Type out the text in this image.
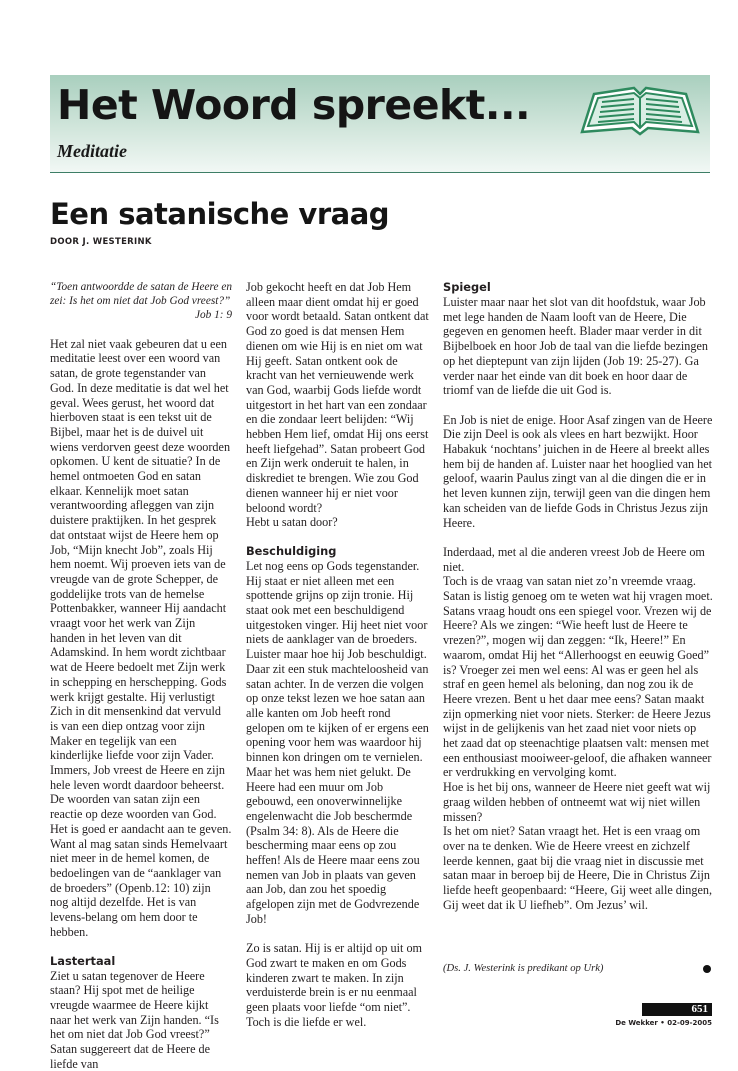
Het Woord spreekt...

Meditatie

Een satanische vraag
DOOR J. WESTERINK

“Toen antwoordde de satan de Heere en zei: Is het om niet dat Job God vreest?”

Job 1: 9

Het zal niet vaak gebeuren dat u een meditatie leest over een woord van satan, de grote tegenstander van God. In deze meditatie is dat wel het geval. Wees gerust, het woord dat hierboven staat is een tekst uit de Bijbel, maar het is de duivel uit wiens verdorven geest deze woorden opkomen. U kent de situatie? In de hemel ontmoeten God en satan elkaar. Kennelijk moet satan verantwoording afleggen van zijn duistere praktijken. In het gesprek dat ontstaat wijst de Heere hem op Job, “Mijn knecht Job”, zoals Hij hem noemt. Wij proeven iets van de vreugde van de grote Schepper, de goddelijke trots van de hemelse Pottenbakker, wanneer Hij aandacht vraagt voor het werk van Zijn handen in het leven van dit Adamskind. In hem wordt zichtbaar wat de Heere bedoelt met Zijn werk in schepping en herschepping. Gods werk krijgt gestalte. Hij verlustigt Zich in dit mensenkind dat vervuld is van een diep ontzag voor zijn Maker en tegelijk van een kinderlijke liefde voor zijn Vader. Immers, Job vreest de Heere en zijn hele leven wordt daardoor beheerst.

De woorden van satan zijn een reactie op deze woorden van God. Het is goed er aandacht aan te geven. Want al mag satan sinds Hemelvaart niet meer in de hemel komen, de bedoelingen van de “aanklager van de broeders” (Openb.12: 10) zijn nog altijd dezelfde. Het is van levens-belang om hem door te hebben.

Lastertaal

Ziet u satan tegenover de Heere staan? Hij spot met de heilige vreugde waarmee de Heere kijkt naar het werk van Zijn handen. “Is het om niet dat Job God vreest?” Satan suggereert dat de Heere de liefde van

Job gekocht heeft en dat Job Hem alleen maar dient omdat hij er goed voor wordt betaald. Satan ontkent dat God zo goed is dat mensen Hem dienen om wie Hij is en niet om wat Hij geeft. Satan ontkent ook de kracht van het vernieuwende werk van God, waarbij Gods liefde wordt uitgestort in het hart van een zondaar en die zondaar leert belijden: “Wij hebben Hem lief, omdat Hij ons eerst heeft liefgehad”. Satan probeert God en Zijn werk onderuit te halen, in diskrediet te brengen. Wie zou God dienen wanneer hij er niet voor beloond wordt?

Hebt u satan door?

Beschuldiging

Let nog eens op Gods tegenstander. Hij staat er niet alleen met een spottende grijns op zijn tronie. Hij staat ook met een beschuldigend uitgestoken vinger. Hij heet niet voor niets de aanklager van de broeders. Luister maar hoe hij Job beschuldigt. Daar zit een stuk machteloosheid van satan achter. In de verzen die volgen op onze tekst lezen we hoe satan aan alle kanten om Job heeft rond gelopen om te kijken of er ergens een opening voor hem was waardoor hij binnen kon dringen om te vernielen. Maar het was hem niet gelukt. De Heere had een muur om Job gebouwd, een onoverwinnelijke engelenwacht die Job beschermde (Psalm 34: 8). Als de Heere die bescherming maar eens op zou heffen! Als de Heere maar eens zou nemen van Job in plaats van geven aan Job, dan zou het spoedig afgelopen zijn met de Godvrezende Job!

Zo is satan. Hij is er altijd op uit om God zwart te maken en om Gods kinderen zwart te maken. In zijn verduisterde brein is er nu eenmaal geen plaats voor liefde “om niet”. Toch is die liefde er wel.

Spiegel

Luister maar naar het slot van dit hoofdstuk, waar Job met lege handen de Naam looft van de Heere, Die gegeven en genomen heeft. Blader maar verder in dit Bijbelboek en hoor Job de taal van die liefde bezingen op het dieptepunt van zijn lijden (Job 19: 25-27). Ga verder naar het einde van dit boek en hoor daar de triomf van de liefde die uit God is.

En Job is niet de enige. Hoor Asaf zingen van de Heere Die zijn Deel is ook als vlees en hart bezwijkt. Hoor Habakuk ‘nochtans’ juichen in de Heere al breekt alles hem bij de handen af. Luister naar het hooglied van het geloof, waarin Paulus zingt van al die dingen die er in het leven kunnen zijn, terwijl geen van die dingen hem kan scheiden van de liefde Gods in Christus Jezus zijn Heere.

Inderdaad, met al die anderen vreest Job de Heere om niet.

Toch is de vraag van satan niet zo’n vreemde vraag. Satan is listig genoeg om te weten wat hij vragen moet. Satans vraag houdt ons een spiegel voor. Vrezen wij de Heere? Als we zingen: “Wie heeft lust de Heere te vrezen?”, mogen wij dan zeggen: “Ik, Heere!” En waarom, omdat Hij het “Allerhoogst en eeuwig Goed” is? Vroeger zei men wel eens: Al was er geen hel als straf en geen hemel als beloning, dan nog zou ik de Heere vrezen. Bent u het daar mee eens? Satan maakt zijn opmerking niet voor niets. Sterker: de Heere Jezus wijst in de gelijkenis van het zaad niet voor niets op het zaad dat op steenachtige plaatsen valt: mensen met een enthousiast mooiweer-geloof, die afhaken wanneer er verdrukking en vervolging komt.

Hoe is het bij ons, wanneer de Heere niet geeft wat wij graag wilden hebben of ontneemt wat wij niet willen missen?

Is het om niet? Satan vraagt het. Het is een vraag om over na te denken. Wie de Heere vreest en zichzelf leerde kennen, gaat bij die vraag niet in discussie met satan maar in beroep bij de Heere, Die in Christus Zijn liefde heeft geopenbaard: “Heere, Gij weet alle dingen, Gij weet dat ik U liefheb”. Om Jezus’ wil.

(Ds. J. Westerink is predikant op Urk)
651
De Wekker • 02-09-2005
